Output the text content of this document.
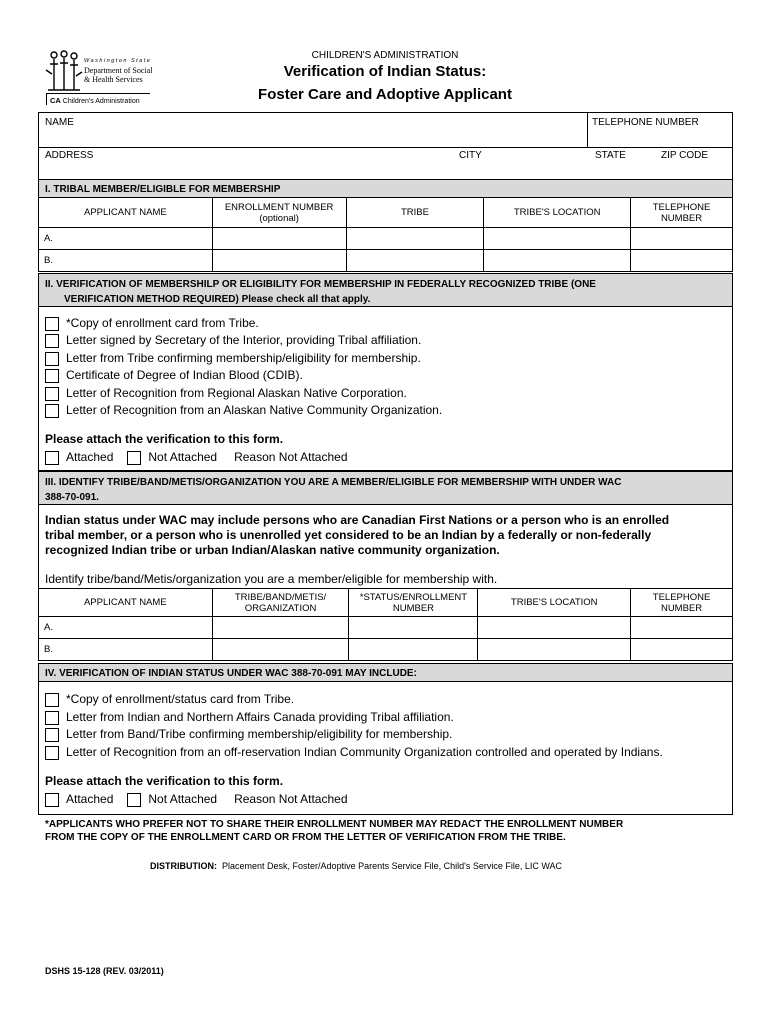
Washington State
Department of Social
& Health Services
CA Children's Administration
CHILDREN'S ADMINISTRATION
Verification of Indian Status:
Foster Care and Adoptive Applicant
NAME	TELEPHONE NUMBER
ADDRESS	CITY	STATE	ZIP CODE
I. TRIBAL MEMBER/ELIGIBLE FOR MEMBERSHIP
APPLICANT NAME	ENROLLMENT NUMBER (optional)	TRIBE	TRIBE'S LOCATION	TELEPHONE NUMBER
A.				
B.				
II. VERIFICATION OF MEMBERSHILP OR ELIGIBILITY FOR MEMBERSHIP IN FEDERALLY RECOGNIZED TRIBE (ONE
VERIFICATION METHOD REQUIRED) Please check all that apply.
*Copy of enrollment card from Tribe.
Letter signed by Secretary of the Interior, providing Tribal affiliation.
Letter from Tribe confirming membership/eligibility for membership.
Certificate of Degree of Indian Blood (CDIB).
Letter of Recognition from Regional Alaskan Native Corporation.
Letter of Recognition from an Alaskan Native Community Organization.
Please attach the verification to this form.
Attached	Not Attached Reason Not Attached
III. IDENTIFY TRIBE/BAND/METIS/ORGANIZATION YOU ARE A MEMBER/ELIGIBLE FOR MEMBERSHIP WITH UNDER WAC
388-70-091.
Indian status under WAC may include persons who are Canadian First Nations or a person who is an enrolled
tribal member, or a person who is unenrolled yet considered to be an Indian by a federally or non-federally
recognized Indian tribe or urban Indian/Alaskan native community organization.
Identify tribe/band/Metis/organization you are a member/eligible for membership with.
APPLICANT NAME	TRIBE/BAND/METIS/ ORGANIZATION	*STATUS/ENROLLMENT NUMBER	TRIBE'S LOCATION	TELEPHONE NUMBER
A.				
B.				
IV. VERIFICATION OF INDIAN STATUS UNDER WAC 388-70-091 MAY INCLUDE:
*Copy of enrollment/status card from Tribe.
Letter from Indian and Northern Affairs Canada providing Tribal affiliation.
Letter from Band/Tribe confirming membership/eligibility for membership.
Letter of Recognition from an off-reservation Indian Community Organization controlled and operated by Indians.
Please attach the verification to this form.
Attached	Not Attached Reason Not Attached
*APPLICANTS WHO PREFER NOT TO SHARE THEIR ENROLLMENT NUMBER MAY REDACT THE ENROLLMENT NUMBER
FROM THE COPY OF THE ENROLLMENT CARD OR FROM THE LETTER OF VERIFICATION FROM THE TRIBE.
DISTRIBUTION: Placement Desk, Foster/Adoptive Parents Service File, Child's Service File, LIC WAC
DSHS 15-128 (REV. 03/2011)
